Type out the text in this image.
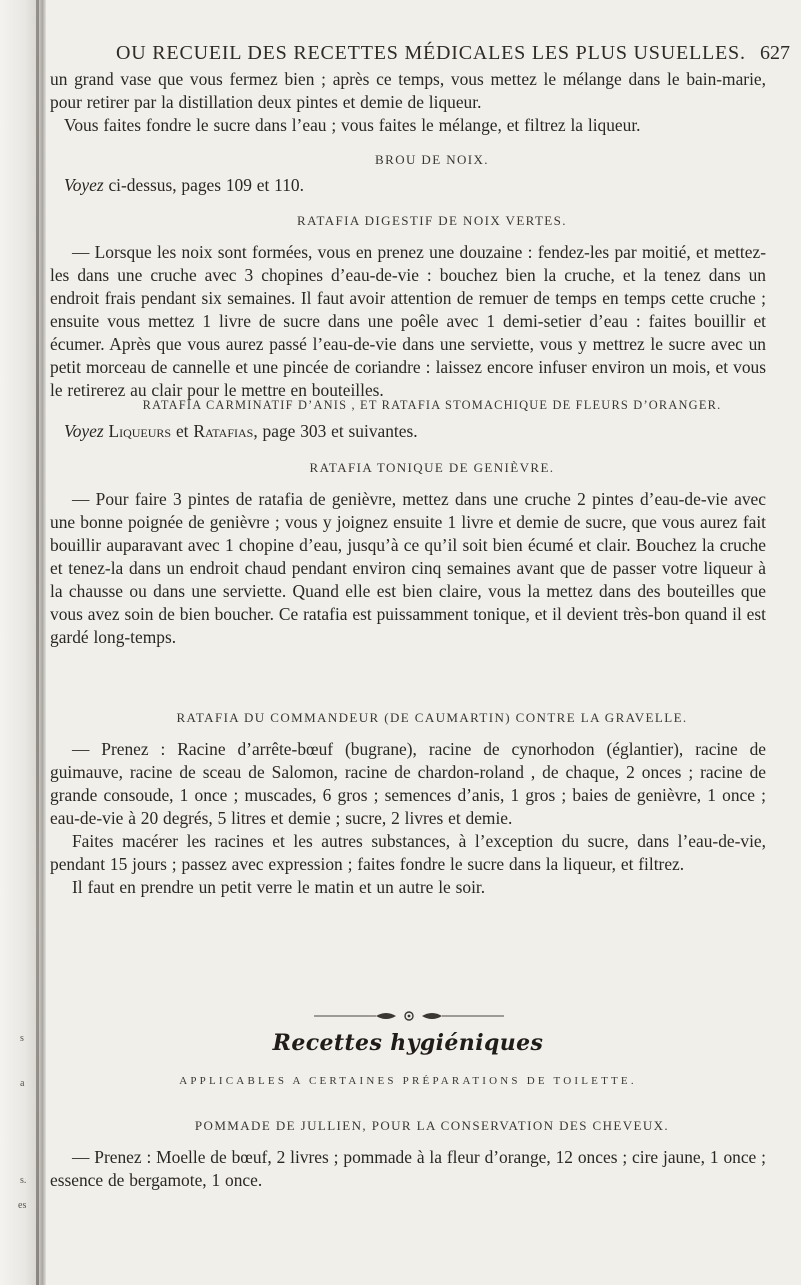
s
a
s.
es
OU RECUEIL DES RECETTES MÉDICALES LES PLUS USUELLES. 627

un grand vase que vous fermez bien ; après ce temps, vous mettez le mélange dans le bain-marie, pour retirer par la distillation deux pintes et demie de liqueur.

Vous faites fondre le sucre dans l’eau ; vous faites le mélange, et filtrez la liqueur.

BROU DE NOIX.

Voyez ci-dessus, pages 109 et 110.

RATAFIA DIGESTIF DE NOIX VERTES.

— Lorsque les noix sont formées, vous en prenez une douzaine : fendez-les par moitié, et mettez-les dans une cruche avec 3 chopines d’eau-de-vie : bouchez bien la cruche, et la tenez dans un endroit frais pendant six semaines. Il faut avoir attention de remuer de temps en temps cette cruche ; ensuite vous mettez 1 livre de sucre dans une poêle avec 1 demi-setier d’eau : faites bouillir et écumer. Après que vous aurez passé l’eau-de-vie dans une serviette, vous y mettrez le sucre avec un petit morceau de cannelle et une pincée de coriandre : laissez encore infuser environ un mois, et vous le retirerez au clair pour le mettre en bouteilles.

RATAFIA CARMINATIF D’ANIS , ET RATAFIA STOMACHIQUE DE FLEURS D’ORANGER.

Voyez Liqueurs et Ratafias, page 303 et suivantes.

RATAFIA TONIQUE DE GENIÈVRE.

— Pour faire 3 pintes de ratafia de genièvre, mettez dans une cruche 2 pintes d’eau-de-vie avec une bonne poignée de genièvre ; vous y joignez ensuite 1 livre et demie de sucre, que vous aurez fait bouillir auparavant avec 1 chopine d’eau, jusqu’à ce qu’il soit bien écumé et clair. Bouchez la cruche et tenez-la dans un endroit chaud pendant environ cinq semaines avant que de passer votre liqueur à la chausse ou dans une serviette. Quand elle est bien claire, vous la mettez dans des bouteilles que vous avez soin de bien boucher. Ce ratafia est puissamment tonique, et il devient très-bon quand il est gardé long-temps.

RATAFIA DU COMMANDEUR (DE CAUMARTIN) CONTRE LA GRAVELLE.

— Prenez : Racine d’arrête-bœuf (bugrane), racine de cynorhodon (églantier), racine de guimauve, racine de sceau de Salomon, racine de chardon-roland , de chaque, 2 onces ; racine de grande consoude, 1 once ; muscades, 6 gros ; semences d’anis, 1 gros ; baies de genièvre, 1 once ; eau-de-vie à 20 degrés, 5 litres et demie ; sucre, 2 livres et demie.

Faites macérer les racines et les autres substances, à l’exception du sucre, dans l’eau-de-vie, pendant 15 jours ; passez avec expression ; faites fondre le sucre dans la liqueur, et filtrez.

Il faut en prendre un petit verre le matin et un autre le soir.

Recettes hygiéniques
APPLICABLES A CERTAINES PRÉPARATIONS DE TOILETTE.
POMMADE DE JULLIEN, POUR LA CONSERVATION DES CHEVEUX.

— Prenez : Moelle de bœuf, 2 livres ; pommade à la fleur d’orange, 12 onces ; cire jaune, 1 once ; essence de bergamote, 1 once.
